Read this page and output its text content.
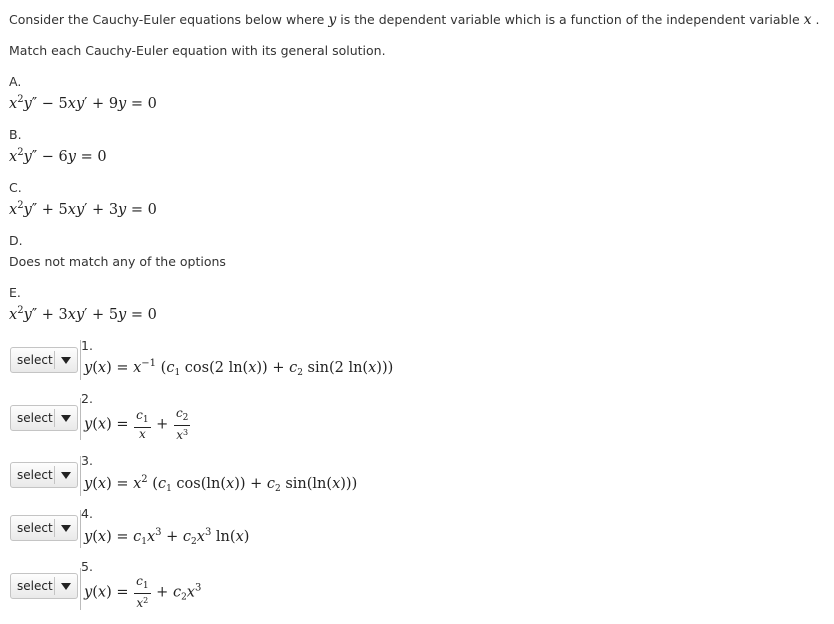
Consider the Cauchy-Euler equations below where y is the dependent variable which is a function of the independent variable x .
Match each Cauchy-Euler equation with its general solution.
A.
$x^2y'' - 5xy' + 9y = 0$
B.
$x^2y'' - 6y = 0$
C.
$x^2y'' + 5xy' + 3y = 0$
D.
Does not match any of the options
E.
$x^2y'' + 3xy' + 5y = 0$
1.
select $y(x) = x^{-1}$ ($c_1$ cos(2 $\ln(x)) + c_2$ sin(2 ln(x)))
2.
select $y(x) = \frac{c_1}{x} + \frac{c_2}{x^3}$
3.
select
$y(x) = x^2$ ($c_1$ $\cos(\ln(x)) + c_2$ sin(ln(x)))
4.
select
$y(x) = c_1x^3 + c_2x^3$ ln(x)
5.
select $y(x) = \frac{c_1}{x^2} + c_2x^3$
